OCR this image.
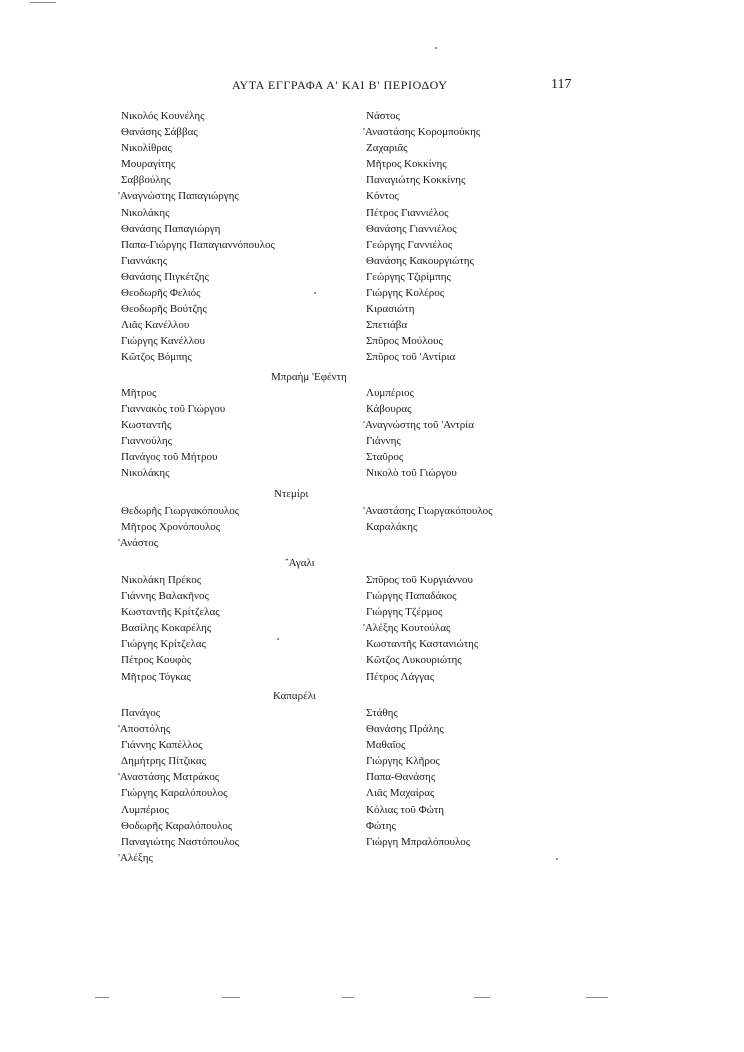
ΑΥΤΑ ΕΓΓΡΑΦΑ Α' ΚΑΙ Β' ΠΕΡΙΟΔΟΥ	117
Νικολός Κουνέλης
Θανάσης Σάββας
Νικολίθρας
Μουραγίτης
Σαββούλης
'Αναγνώστης Παπαγιώργης
Νικολάκης
Θανάσης Παπαγιώργη
Παπα-Γιώργης Παπαγιαννόπουλος
Γιαννάκης
Θανάσης Πιγκέτζης
Θεοδωρῆς Φελιός
Θεοδωρῆς Βούτζης
Λιᾶς Κανέλλου
Γιώργης Κανέλλου
Κῶτζος Βόμπης
Νάστος
'Αναστάσης Κορομπούκης
Ζαχαριᾶς
Μῆτρος Κοκκίνης
Παναγιώτης Κοκκίνης
Κόντος
Πέτρος Γιαννιέλος
Θανάσης Γιαννιέλος
Γεώργης Γαννιέλος
Θανάσης Κακουργιώτης
Γεώργης Τζιρίμπης
Γιώργης Κολέρος
Κιρασιώτη
Σπετιάβα
Σπῦρος Μούλους
Σπῦρος τοῦ 'Αντίρια
Μπραὴμ 'Εφέντη
Μῆτρος
Γιαννακὸς τοῦ Γιώργου
Κωσταντῆς
Γιαννούλης
Πανάγος τοῦ Μήτρου
Νικολάκης
Λυμπέριος
Κάβουρας
'Αναγνώστης τοῦ 'Αντρία
Γιάννης
Σταῦρος
Νικολὸ τοῦ Γιώργου
Ντεμίρι
Θεδωρῆς Γιωργακόπουλος
Μῆτρος Χρονόπουλος
'Ανάστος
'Αναστάσης Γιωργακόπουλος
Καραλάκης
῎Αγαλι
Νικολάκη Πρέκος
Γιάννης Βαλακῆνος
Κωσταντῆς Κρίτζελας
Βασίλης Κοκαρέλης
Γιώργης Κρίτζελας
Πέτρος Κουφὸς
Μῆτρος Τόγκας
Σπῦρος τοῦ Κυργιάννου
Γιώργης Παπαδάκος
Γιώργης Τζέρμος
'Αλέξης Κουτούλας
Κωσταντῆς Καστανιώτης
Κῶτζος Λυκουριώτης
Πέτρος Λάγγας
Καπαρέλι
Πανάγος
'Αποστόλης
Γιάννης Καπέλλος
Δημήτρης Πίτζικας
'Αναστάσης Ματράκος
Γιώργης Καραλόπουλος
Λυμπέριος
Θοδωρῆς Καραλόπουλος
Παναγιώτης Ναστόπουλος
'Αλέξης
Στάθης
Θανάσης Πράλης
Μαθαῖος
Γιώργης Κλῆρος
Παπα-Θανάσης
Λιᾶς Μαχαίρας
Κόλιας τοῦ Φώτη
Φώτης
Γιώργη Μπραλόπουλος
